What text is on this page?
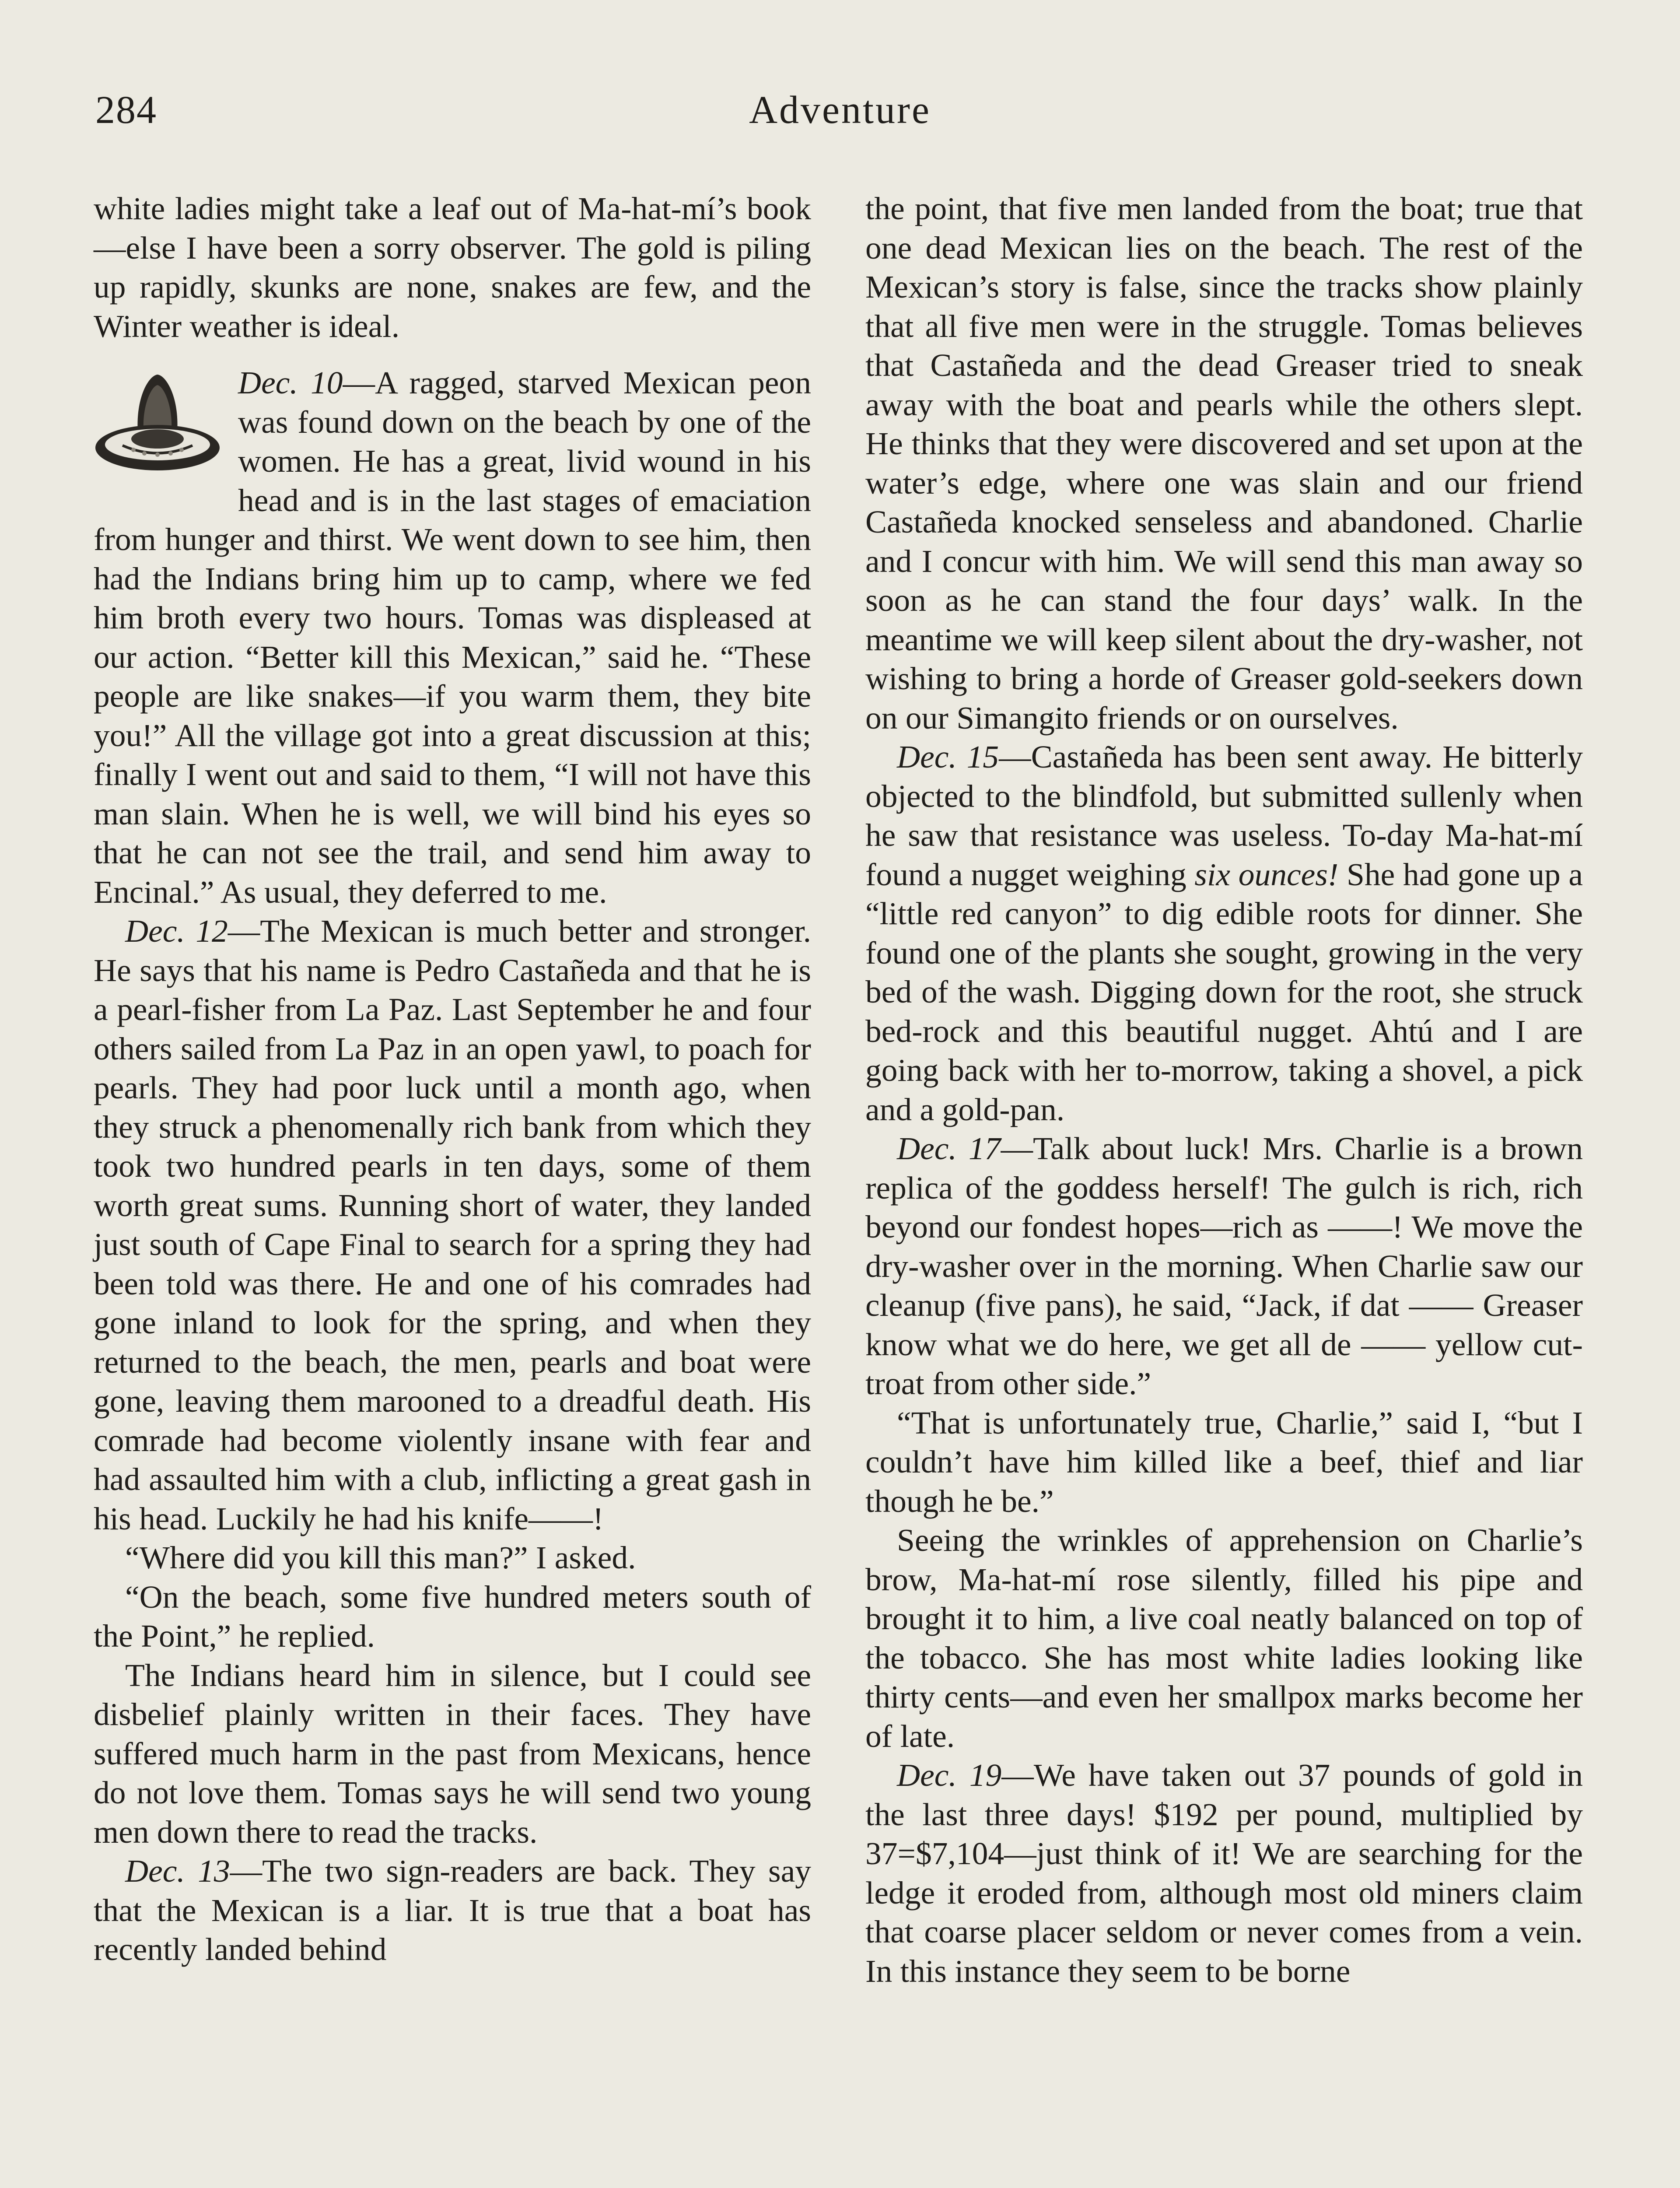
284	Adventure

white ladies might take a leaf out of Ma-hat-mí’s book—else I have been a sorry observer. The gold is piling up rapidly, skunks are none, snakes are few, and the Winter weather is ideal.

Dec. 10—A ragged, starved Mexican peon was found down on the beach by one of the women. He has a great, livid wound in his head and is in the last stages of emaciation from hunger and thirst. We went down to see him, then had the Indians bring him up to camp, where we fed him broth every two hours. Tomas was displeased at our action. “Better kill this Mexican,” said he. “These people are like snakes—if you warm them, they bite you!” All the village got into a great discussion at this; finally I went out and said to them, “I will not have this man slain. When he is well, we will bind his eyes so that he can not see the trail, and send him away to Encinal.” As usual, they deferred to me.

Dec. 12—The Mexican is much better and stronger. He says that his name is Pedro Castañeda and that he is a pearl-fisher from La Paz. Last September he and four others sailed from La Paz in an open yawl, to poach for pearls. They had poor luck until a month ago, when they struck a phenomenally rich bank from which they took two hundred pearls in ten days, some of them worth great sums. Running short of water, they landed just south of Cape Final to search for a spring they had been told was there. He and one of his comrades had gone inland to look for the spring, and when they returned to the beach, the men, pearls and boat were gone, leaving them marooned to a dreadful death. His comrade had become violently insane with fear and had assaulted him with a club, inflicting a great gash in his head. Luckily he had his knife——!

“Where did you kill this man?” I asked.

“On the beach, some five hundred meters south of the Point,” he replied.

The Indians heard him in silence, but I could see disbelief plainly written in their faces. They have suffered much harm in the past from Mexicans, hence do not love them. Tomas says he will send two young men down there to read the tracks.

Dec. 13—The two sign-readers are back. They say that the Mexican is a liar. It is true that a boat has recently landed behind

the point, that five men landed from the boat; true that one dead Mexican lies on the beach. The rest of the Mexican’s story is false, since the tracks show plainly that all five men were in the struggle. Tomas believes that Castañeda and the dead Greaser tried to sneak away with the boat and pearls while the others slept. He thinks that they were discovered and set upon at the water’s edge, where one was slain and our friend Castañeda knocked senseless and abandoned. Charlie and I concur with him. We will send this man away so soon as he can stand the four days’ walk. In the meantime we will keep silent about the dry-washer, not wishing to bring a horde of Greaser gold-seekers down on our Simangito friends or on ourselves.

Dec. 15—Castañeda has been sent away. He bitterly objected to the blindfold, but submitted sullenly when he saw that resistance was useless. To-day Ma-hat-mí found a nugget weighing six ounces! She had gone up a “little red canyon” to dig edible roots for dinner. She found one of the plants she sought, growing in the very bed of the wash. Digging down for the root, she struck bed-rock and this beautiful nugget. Ahtú and I are going back with her to-morrow, taking a shovel, a pick and a gold-pan.

Dec. 17—Talk about luck! Mrs. Charlie is a brown replica of the goddess herself! The gulch is rich, rich beyond our fondest hopes—rich as ——! We move the dry-washer over in the morning. When Charlie saw our cleanup (five pans), he said, “Jack, if dat —— Greaser know what we do here, we get all de —— yellow cut-troat from other side.”

“That is unfortunately true, Charlie,” said I, “but I couldn’t have him killed like a beef, thief and liar though he be.”

Seeing the wrinkles of apprehension on Charlie’s brow, Ma-hat-mí rose silently, filled his pipe and brought it to him, a live coal neatly balanced on top of the tobacco. She has most white ladies looking like thirty cents—and even her smallpox marks become her of late.

Dec. 19—We have taken out 37 pounds of gold in the last three days! $192 per pound, multiplied by 37=$7,104—just think of it! We are searching for the ledge it eroded from, although most old miners claim that coarse placer seldom or never comes from a vein. In this instance they seem to be borne
